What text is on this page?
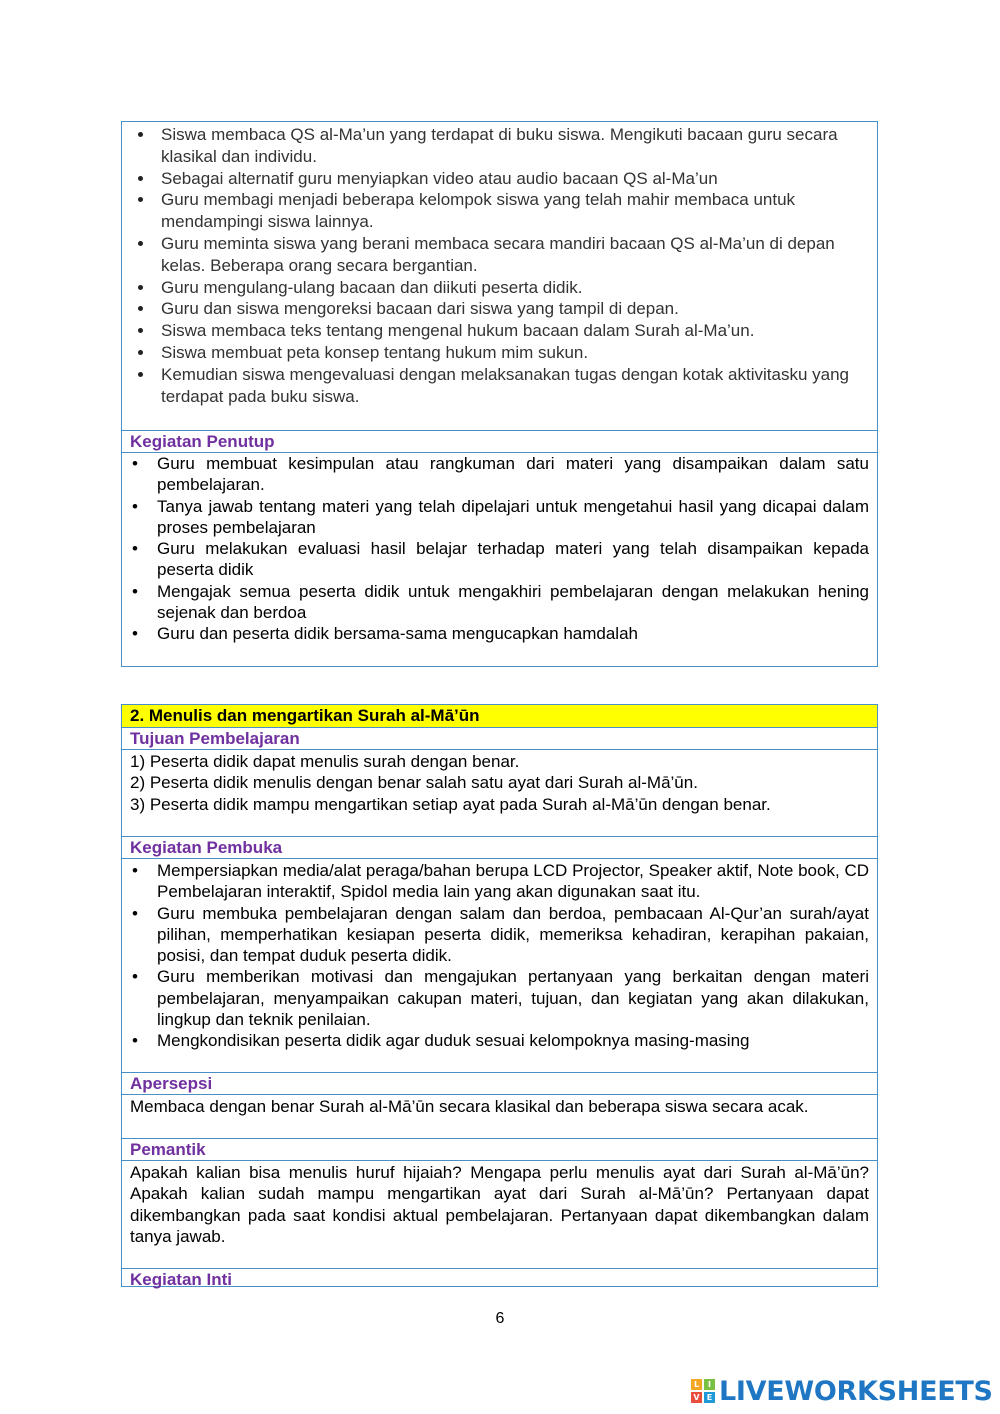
Siswa membaca QS al-Ma’un yang terdapat di buku siswa. Mengikuti bacaan guru secara klasikal dan individu.
Sebagai alternatif guru menyiapkan video atau audio bacaan QS al-Ma’un
Guru membagi menjadi beberapa kelompok siswa yang telah mahir membaca untuk mendampingi siswa lainnya.
Guru meminta siswa yang berani membaca secara mandiri bacaan QS al-Ma’un di depan kelas. Beberapa orang secara bergantian.
Guru mengulang-ulang bacaan dan diikuti peserta didik.
Guru dan siswa mengoreksi bacaan dari siswa yang tampil di depan.
Siswa membaca teks tentang mengenal hukum bacaan dalam Surah al-Ma’un.
Siswa membuat peta konsep tentang hukum mim sukun.
Kemudian siswa mengevaluasi dengan melaksanakan tugas dengan kotak aktivitasku yang terdapat pada buku siswa.
Kegiatan Penutup
• Guru membuat kesimpulan atau rangkuman dari materi yang disampaikan dalam satu pembelajaran.
• Tanya jawab tentang materi yang telah dipelajari untuk mengetahui hasil yang dicapai dalam proses pembelajaran
• Guru melakukan evaluasi hasil belajar terhadap materi yang telah disampaikan kepada peserta didik
• Mengajak semua peserta didik untuk mengakhiri pembelajaran dengan melakukan hening sejenak dan berdoa
• Guru dan peserta didik bersama-sama mengucapkan hamdalah
2. Menulis dan mengartikan Surah al-Mā’ūn
Tujuan Pembelajaran

1) Peserta didik dapat menulis surah dengan benar.

2) Peserta didik menulis dengan benar salah satu ayat dari Surah al-Mā’ūn.

3) Peserta didik mampu mengartikan setiap ayat pada Surah al-Mā’ūn dengan benar.

Kegiatan Pembuka
• Mempersiapkan media/alat peraga/bahan berupa LCD Projector, Speaker aktif, Note book, CD Pembelajaran interaktif, Spidol media lain yang akan digunakan saat itu.
• Guru membuka pembelajaran dengan salam dan berdoa, pembacaan Al-Qur’an surah/ayat pilihan, memperhatikan kesiapan peserta didik, memeriksa kehadiran, kerapihan pakaian, posisi, dan tempat duduk peserta didik.
• Guru memberikan motivasi dan mengajukan pertanyaan yang berkaitan dengan materi pembelajaran, menyampaikan cakupan materi, tujuan, dan kegiatan yang akan dilakukan, lingkup dan teknik penilaian.
• Mengkondisikan peserta didik agar duduk sesuai kelompoknya masing-masing
Apersepsi

Membaca dengan benar Surah al-Mā’ūn secara klasikal dan beberapa siswa secara acak.

Pemantik

Apakah kalian bisa menulis huruf hijaiah? Mengapa perlu menulis ayat dari Surah al-Mā’ūn? Apakah kalian sudah mampu mengartikan ayat dari Surah al-Mā’ūn? Pertanyaan dapat dikembangkan pada saat kondisi aktual pembelajaran. Pertanyaan dapat dikembangkan dalam tanya jawab.

Kegiatan Inti
6
L	I
V E LIVEWORKSHEETS
